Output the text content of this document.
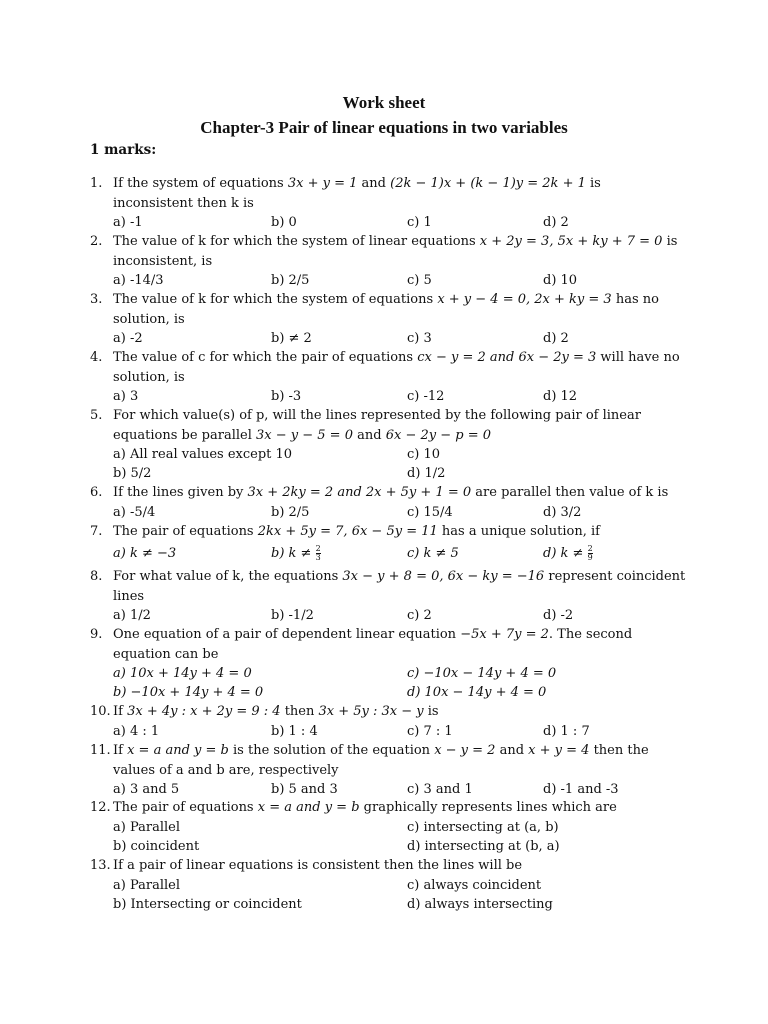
Work sheet
Chapter-3 Pair of linear equations in two variables
1 marks:
1. If the system of equations 3x + y = 1 and (2k − 1)x + (k − 1)y = 2k + 1 is
inconsistent then k is
a) -1	b) 0	c) 1	d) 2
2. The value of k for which the system of linear equations x + 2y = 3, 5x + ky + 7 = 0 is
inconsistent, is
a) -14/3	b) 2/5	c) 5	d) 10
3. The value of k for which the system of equations x + y − 4 = 0, 2x + ky = 3 has no
solution, is
a) -2	b) ≠ 2	c) 3	d) 2
4. The value of c for which the pair of equations cx − y = 2 and 6x − 2y = 3 will have no
solution, is
a) 3	b) -3	c) -12	d) 12
5. For which value(s) of p, will the lines represented by the following pair of linear
equations be parallel 3x − y − 5 = 0 and 6x − 2y − p = 0
a) All real values except 10	c) 10
b) 5/2	d) 1/2
6. If the lines given by 3x + 2ky = 2 and 2x + 5y + 1 = 0 are parallel then value of k is
a) -5/4	b) 2/5	c) 15/4	d) 3/2
7. The pair of equations 2kx + 5y = 7, 6x − 5y = 11 has a unique solution, if
a) k ≠ −3	b) $k \ne \frac{2}{3}$	c) k ≠ 5	d) $k \ne \frac{2}{9}$
8. For what value of k, the equations 3x − y + 8 = 0, 6x − ky = −16 represent coincident
lines
a) 1/2	b) -1/2	c) 2	d) -2
9. One equation of a pair of dependent linear equation −5x + 7y = 2. The second
equation can be
a) 10x + 14y + 4 = 0	c) −10x − 14y + 4 = 0
b) −10x + 14y + 4 = 0	d) 10x − 14y + 4 = 0
10. If 3x + 4y : x + 2y = 9 : 4 then 3x + 5y : 3x − y is
a) 4 : 1	b) 1 : 4	c) 7 : 1	d) 1 : 7
11. If x = a and y = b is the solution of the equation x − y = 2 and x + y = 4 then the
values of a and b are, respectively
a) 3 and 5	b) 5 and 3	c) 3 and 1	d) -1 and -3
12. The pair of equations x = a and y = b graphically represents lines which are
a) Parallel	c) intersecting at (a, b)
b) coincident	d) intersecting at (b, a)
13. If a pair of linear equations is consistent then the lines will be
a) Parallel	c) always coincident
b) Intersecting or coincident	d) always intersecting
